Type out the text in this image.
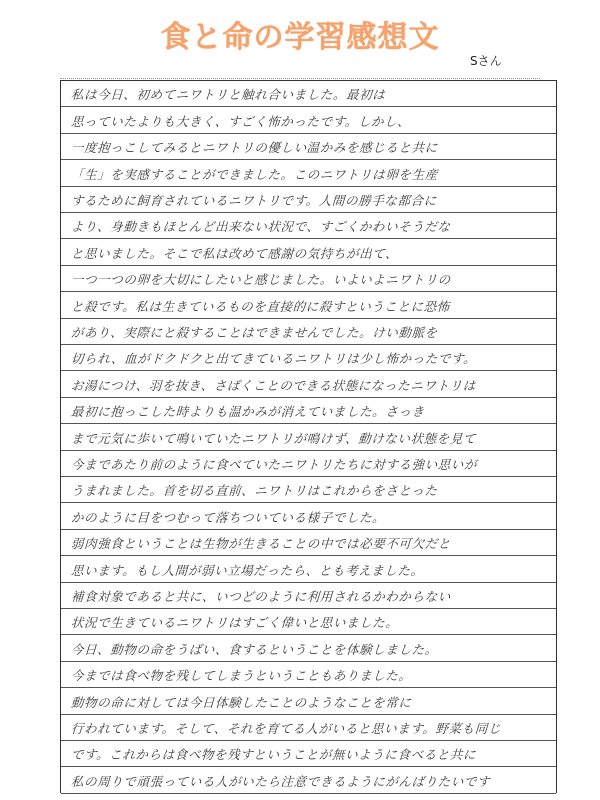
食と命の学習感想文
Sさん
私は今日、初めてニワトリと触れ合いました。最初は
思っていたよりも大きく、すごく怖かったです。しかし、
一度抱っこしてみるとニワトリの優しい温かみを感じると共に
「生」を実感することができました。このニワトリは卵を生産
するために飼育されているニワトリです。人間の勝手な都合に
より、身動きもほとんど出来ない状況で、すごくかわいそうだな
と思いました。そこで私は改めて感謝の気持ちが出て、
一つ一つの卵を大切にしたいと感じました。いよいよニワトリの
と殺です。私は生きているものを直接的に殺すということに恐怖
があり、実際にと殺することはできませんでした。けい動脈を
切られ、血がドクドクと出てきているニワトリは少し怖かったです。
お湯につけ、羽を抜き、さばくことのできる状態になったニワトリは
最初に抱っこした時よりも温かみが消えていました。さっき
まで元気に歩いて鳴いていたニワトリが鳴けず、動けない状態を見て
今まであたり前のように食べていたニワトリたちに対する強い思いが
うまれました。首を切る直前、ニワトリはこれからをさとった
かのように目をつむって落ちついている様子でした。
弱肉強食ということは生物が生きることの中では必要不可欠だと
思います。もし人間が弱い立場だったら、とも考えました。
補食対象であると共に、いつどのように利用されるかわからない
状況で生きているニワトリはすごく偉いと思いました。
今日、動物の命をうばい、食するということを体験しました。
今までは食べ物を残してしまうということもありました。
動物の命に対しては今日体験したことのようなことを常に
行われています。そして、それを育てる人がいると思います。野菜も同じ
です。これからは食べ物を残すということが無いように食べると共に
私の周りで頑張っている人がいたら注意できるようにがんばりたいです
